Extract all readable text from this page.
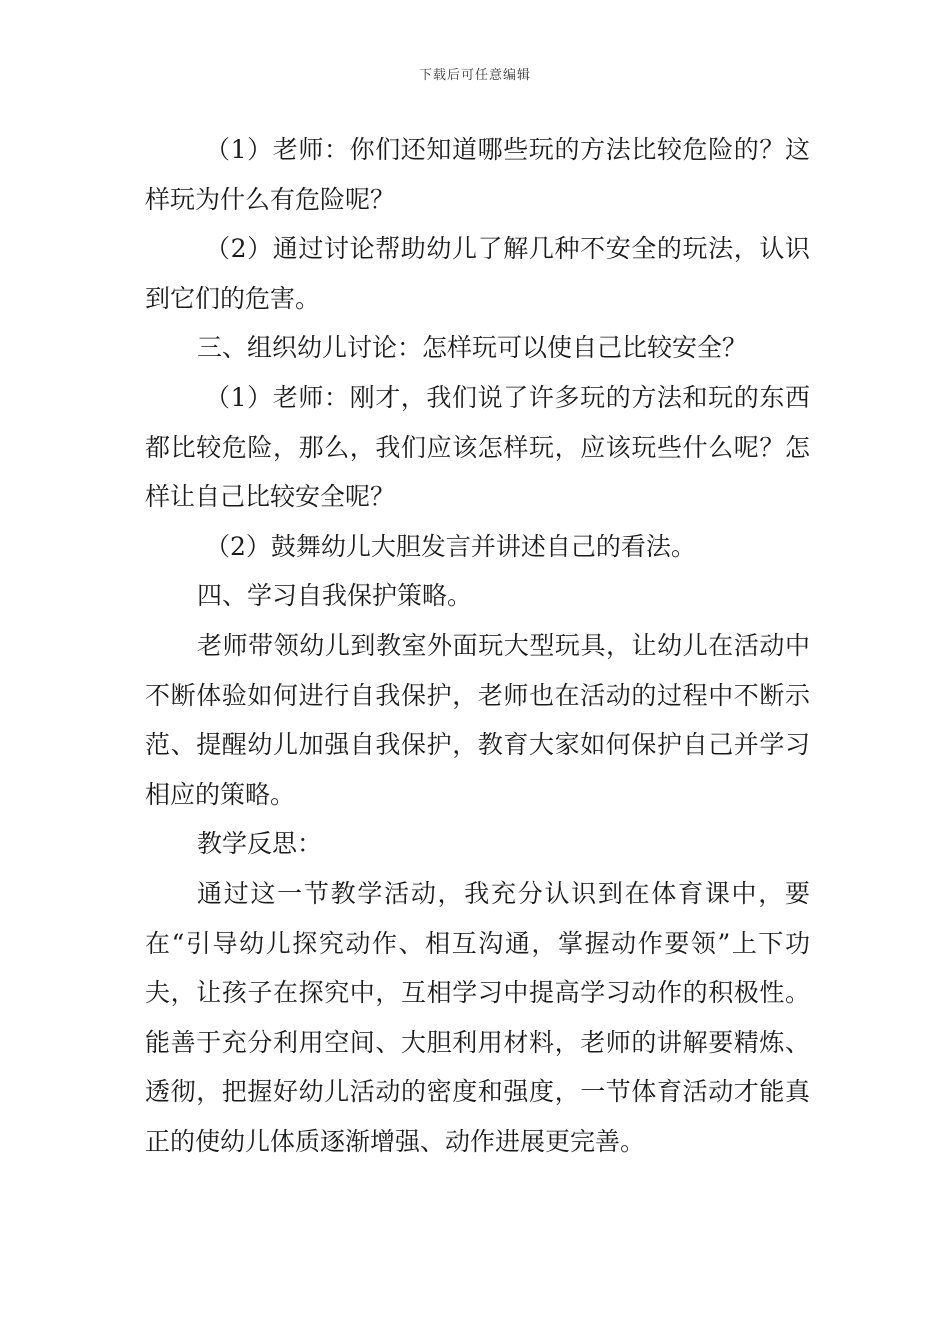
下载后可任意编辑

（1）老师：你们还知道哪些玩的方法比较危险的？这样玩为什么有危险呢？

（2）通过讨论帮助幼儿了解几种不安全的玩法，认识到它们的危害。

三、组织幼儿讨论：怎样玩可以使自己比较安全？

（1）老师：刚才，我们说了许多玩的方法和玩的东西都比较危险，那么，我们应该怎样玩，应该玩些什么呢？怎样让自己比较安全呢？

（2）鼓舞幼儿大胆发言并讲述自己的看法。

四、学习自我保护策略。

老师带领幼儿到教室外面玩大型玩具，让幼儿在活动中不断体验如何进行自我保护，老师也在活动的过程中不断示范、提醒幼儿加强自我保护，教育大家如何保护自己并学习相应的策略。

教学反思：

通过这一节教学活动，我充分认识到在体育课中，要在“引导幼儿探究动作、相互沟通，掌握动作要领”上下功夫，让孩子在探究中，互相学习中提高学习动作的积极性。能善于充分利用空间、大胆利用材料，老师的讲解要精炼、透彻，把握好幼儿活动的密度和强度，一节体育活动才能真正的使幼儿体质逐渐增强、动作进展更完善。
